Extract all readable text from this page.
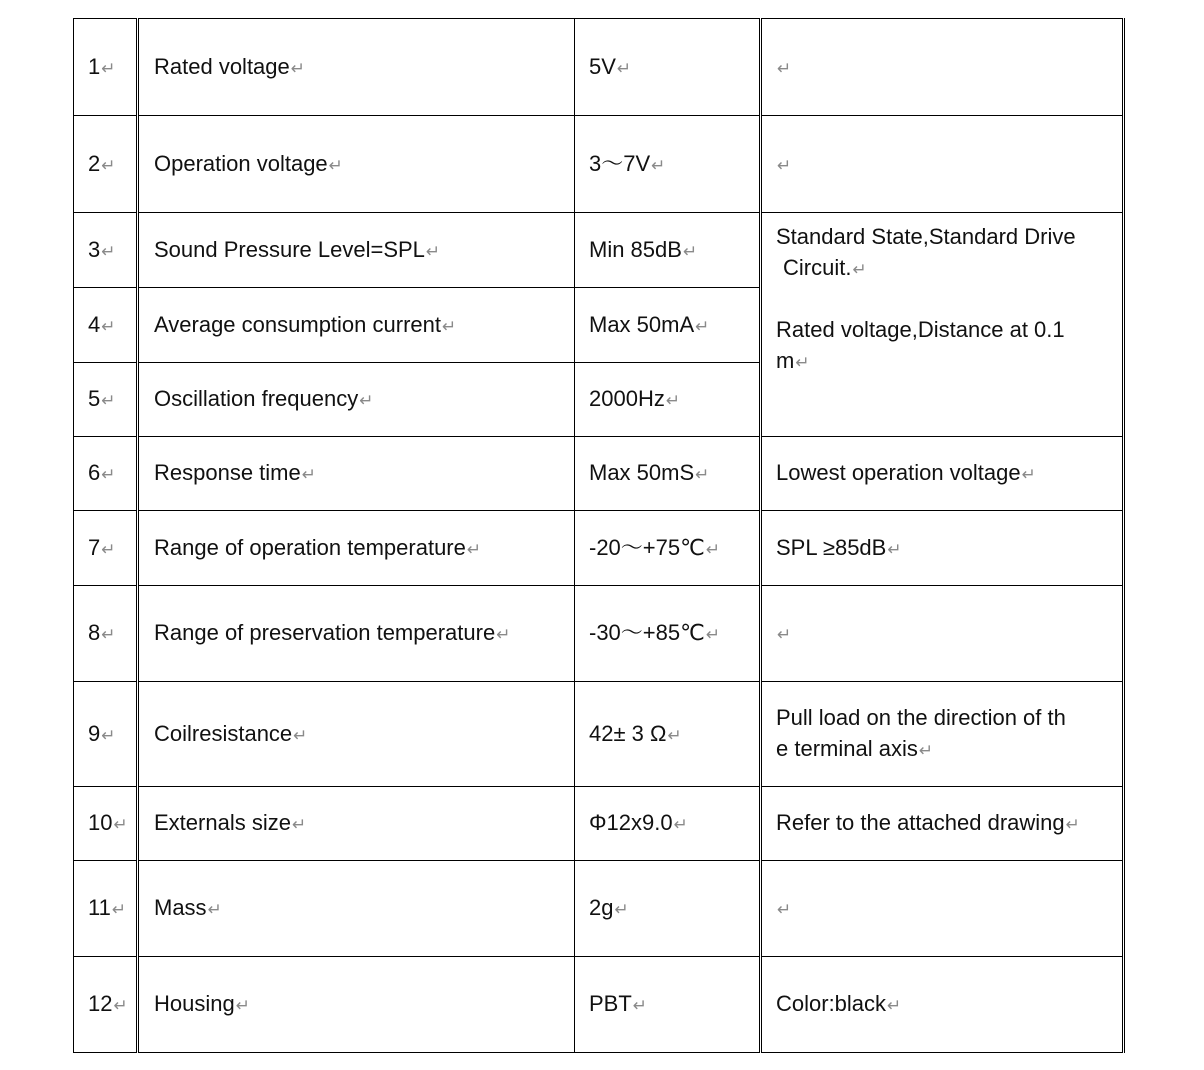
1↵	Rated voltage↵	5V↵	↵
2↵	Operation voltage↵	3～7V↵	↵
3↵	Sound Pressure Level=SPL↵	Min 85dB↵	Standard State,Standard Drive
Circuit.↵
Rated voltage,Distance at 0.1
m↵

4↵	Average consumption current↵	Max 50mA↵	
5↵	Oscillation frequency↵	2000Hz↵	
6↵	Response time↵	Max 50mS↵	Lowest operation voltage↵
7↵	Range of operation temperature↵	-20～+75℃↵	SPL ≥85dB↵
8↵	Range of preservation temperature↵	-30～+85℃↵	↵
9↵	Coilresistance↵	42± 3 Ω↵	Pull load on the direction of th
e terminal axis↵
10↵	Externals size↵	Φ12x9.0↵	Refer to the attached drawing↵
11↵	Mass↵	2g↵	↵
12↵	Housing↵	PBT↵	Color:black↵
